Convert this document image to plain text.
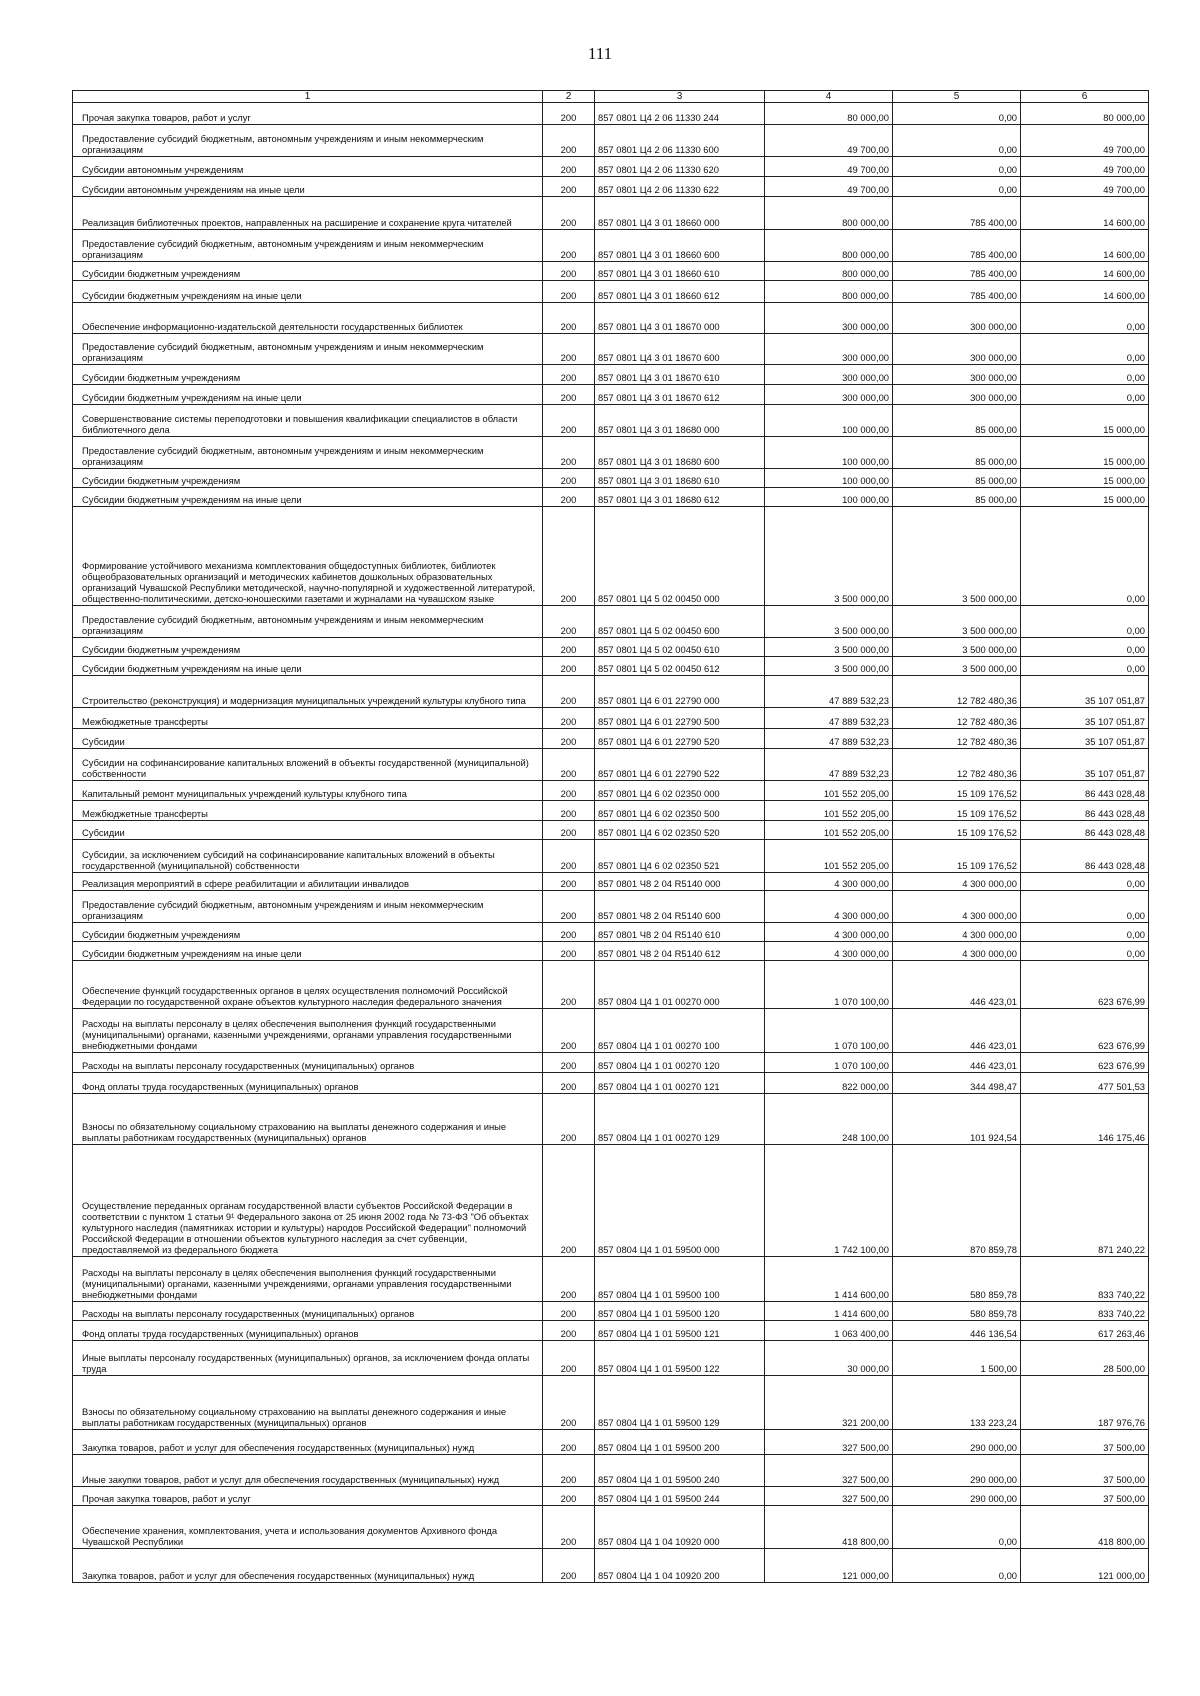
111
1	2	3	4	5	6

Прочая закупка товаров, работ и услуг	200	857 0801 Ц4 2 06 11330 244	80 000,00	0,00	80 000,00

Предоставление субсидий бюджетным, автономным учреждениям и иным некоммерческим организациям	200	857 0801 Ц4 2 06 11330 600	49 700,00	0,00	49 700,00

Субсидии автономным учреждениям	200	857 0801 Ц4 2 06 11330 620	49 700,00	0,00	49 700,00

Субсидии автономным учреждениям на иные цели	200	857 0801 Ц4 2 06 11330 622	49 700,00	0,00	49 700,00

Реализация библиотечных проектов, направленных на расширение и сохранение круга читателей	200	857 0801 Ц4 3 01 18660 000	800 000,00	785 400,00	14 600,00

Предоставление субсидий бюджетным, автономным учреждениям и иным некоммерческим организациям	200	857 0801 Ц4 3 01 18660 600	800 000,00	785 400,00	14 600,00

Субсидии бюджетным учреждениям	200	857 0801 Ц4 3 01 18660 610	800 000,00	785 400,00	14 600,00

Субсидии бюджетным учреждениям на иные цели	200	857 0801 Ц4 3 01 18660 612	800 000,00	785 400,00	14 600,00

Обеспечение информационно-издательской деятельности государственных библиотек	200	857 0801 Ц4 3 01 18670 000	300 000,00	300 000,00	0,00

Предоставление субсидий бюджетным, автономным учреждениям и иным некоммерческим организациям	200	857 0801 Ц4 3 01 18670 600	300 000,00	300 000,00	0,00

Субсидии бюджетным учреждениям	200	857 0801 Ц4 3 01 18670 610	300 000,00	300 000,00	0,00

Субсидии бюджетным учреждениям на иные цели	200	857 0801 Ц4 3 01 18670 612	300 000,00	300 000,00	0,00

Совершенствование системы переподготовки и повышения квалификации специалистов в области библиотечного дела	200	857 0801 Ц4 3 01 18680 000	100 000,00	85 000,00	15 000,00

Предоставление субсидий бюджетным, автономным учреждениям и иным некоммерческим организациям	200	857 0801 Ц4 3 01 18680 600	100 000,00	85 000,00	15 000,00

Субсидии бюджетным учреждениям	200	857 0801 Ц4 3 01 18680 610	100 000,00	85 000,00	15 000,00

Субсидии бюджетным учреждениям на иные цели	200	857 0801 Ц4 3 01 18680 612	100 000,00	85 000,00	15 000,00

Формирование устойчивого механизма комплектования общедоступных библиотек, библиотек общеобразовательных организаций и методических кабинетов дошкольных образовательных организаций Чувашской Республики методической, научно-популярной и художественной литературой, общественно-политическими, детско-юношескими газетами и журналами на чувашском языке	200	857 0801 Ц4 5 02 00450 000	3 500 000,00	3 500 000,00	0,00

Предоставление субсидий бюджетным, автономным учреждениям и иным некоммерческим организациям	200	857 0801 Ц4 5 02 00450 600	3 500 000,00	3 500 000,00	0,00

Субсидии бюджетным учреждениям	200	857 0801 Ц4 5 02 00450 610	3 500 000,00	3 500 000,00	0,00

Субсидии бюджетным учреждениям на иные цели	200	857 0801 Ц4 5 02 00450 612	3 500 000,00	3 500 000,00	0,00

Строительство (реконструкция) и модернизация муниципальных учреждений культуры клубного типа	200	857 0801 Ц4 6 01 22790 000	47 889 532,23	12 782 480,36	35 107 051,87

Межбюджетные трансферты	200	857 0801 Ц4 6 01 22790 500	47 889 532,23	12 782 480,36	35 107 051,87

Субсидии	200	857 0801 Ц4 6 01 22790 520	47 889 532,23	12 782 480,36	35 107 051,87

Субсидии на софинансирование капитальных вложений в объекты государственной (муниципальной) собственности	200	857 0801 Ц4 6 01 22790 522	47 889 532,23	12 782 480,36	35 107 051,87

Капитальный ремонт муниципальных учреждений культуры клубного типа	200	857 0801 Ц4 6 02 02350 000	101 552 205,00	15 109 176,52	86 443 028,48

Межбюджетные трансферты	200	857 0801 Ц4 6 02 02350 500	101 552 205,00	15 109 176,52	86 443 028,48

Субсидии	200	857 0801 Ц4 6 02 02350 520	101 552 205,00	15 109 176,52	86 443 028,48

Субсидии, за исключением субсидий на софинансирование капитальных вложений в объекты государственной (муниципальной) собственности	200	857 0801 Ц4 6 02 02350 521	101 552 205,00	15 109 176,52	86 443 028,48

Реализация мероприятий в сфере реабилитации и абилитации инвалидов	200	857 0801 Ч8 2 04 R5140 000	4 300 000,00	4 300 000,00	0,00

Предоставление субсидий бюджетным, автономным учреждениям и иным некоммерческим организациям	200	857 0801 Ч8 2 04 R5140 600	4 300 000,00	4 300 000,00	0,00

Субсидии бюджетным учреждениям	200	857 0801 Ч8 2 04 R5140 610	4 300 000,00	4 300 000,00	0,00

Субсидии бюджетным учреждениям на иные цели	200	857 0801 Ч8 2 04 R5140 612	4 300 000,00	4 300 000,00	0,00

Обеспечение функций государственных органов в целях осуществления полномочий Российской Федерации по государственной охране объектов культурного наследия федерального значения	200	857 0804 Ц4 1 01 00270 000	1 070 100,00	446 423,01	623 676,99

Расходы на выплаты персоналу в целях обеспечения выполнения функций государственными (муниципальными) органами, казенными учреждениями, органами управления государственными внебюджетными фондами	200	857 0804 Ц4 1 01 00270 100	1 070 100,00	446 423,01	623 676,99

Расходы на выплаты персоналу государственных (муниципальных) органов	200	857 0804 Ц4 1 01 00270 120	1 070 100,00	446 423,01	623 676,99

Фонд оплаты труда государственных (муниципальных) органов	200	857 0804 Ц4 1 01 00270 121	822 000,00	344 498,47	477 501,53

Взносы по обязательному социальному страхованию на выплаты денежного содержания и иные выплаты работникам государственных (муниципальных) органов	200	857 0804 Ц4 1 01 00270 129	248 100,00	101 924,54	146 175,46

Осуществление переданных органам государственной власти субъектов Российской Федерации в соответствии с пунктом 1 статьи 9¹ Федерального закона от 25 июня 2002 года № 73-ФЗ "Об объектах культурного наследия (памятниках истории и культуры) народов Российской Федерации" полномочий Российской Федерации в отношении объектов культурного наследия за счет субвенции, предоставляемой из федерального бюджета	200	857 0804 Ц4 1 01 59500 000	1 742 100,00	870 859,78	871 240,22

Расходы на выплаты персоналу в целях обеспечения выполнения функций государственными (муниципальными) органами, казенными учреждениями, органами управления государственными внебюджетными фондами	200	857 0804 Ц4 1 01 59500 100	1 414 600,00	580 859,78	833 740,22

Расходы на выплаты персоналу государственных (муниципальных) органов	200	857 0804 Ц4 1 01 59500 120	1 414 600,00	580 859,78	833 740,22

Фонд оплаты труда государственных (муниципальных) органов	200	857 0804 Ц4 1 01 59500 121	1 063 400,00	446 136,54	617 263,46

Иные выплаты персоналу государственных (муниципальных) органов, за исключением фонда оплаты труда	200	857 0804 Ц4 1 01 59500 122	30 000,00	1 500,00	28 500,00

Взносы по обязательному социальному страхованию на выплаты денежного содержания и иные выплаты работникам государственных (муниципальных) органов	200	857 0804 Ц4 1 01 59500 129	321 200,00	133 223,24	187 976,76

Закупка товаров, работ и услуг для обеспечения государственных (муниципальных) нужд	200	857 0804 Ц4 1 01 59500 200	327 500,00	290 000,00	37 500,00

Иные закупки товаров, работ и услуг для обеспечения государственных (муниципальных) нужд	200	857 0804 Ц4 1 01 59500 240	327 500,00	290 000,00	37 500,00

Прочая закупка товаров, работ и услуг	200	857 0804 Ц4 1 01 59500 244	327 500,00	290 000,00	37 500,00

Обеспечение хранения, комплектования, учета и использования документов Архивного фонда Чувашской Республики	200	857 0804 Ц4 1 04 10920 000	418 800,00	0,00	418 800,00

Закупка товаров, работ и услуг для обеспечения государственных (муниципальных) нужд	200	857 0804 Ц4 1 04 10920 200	121 000,00	0,00	121 000,00
